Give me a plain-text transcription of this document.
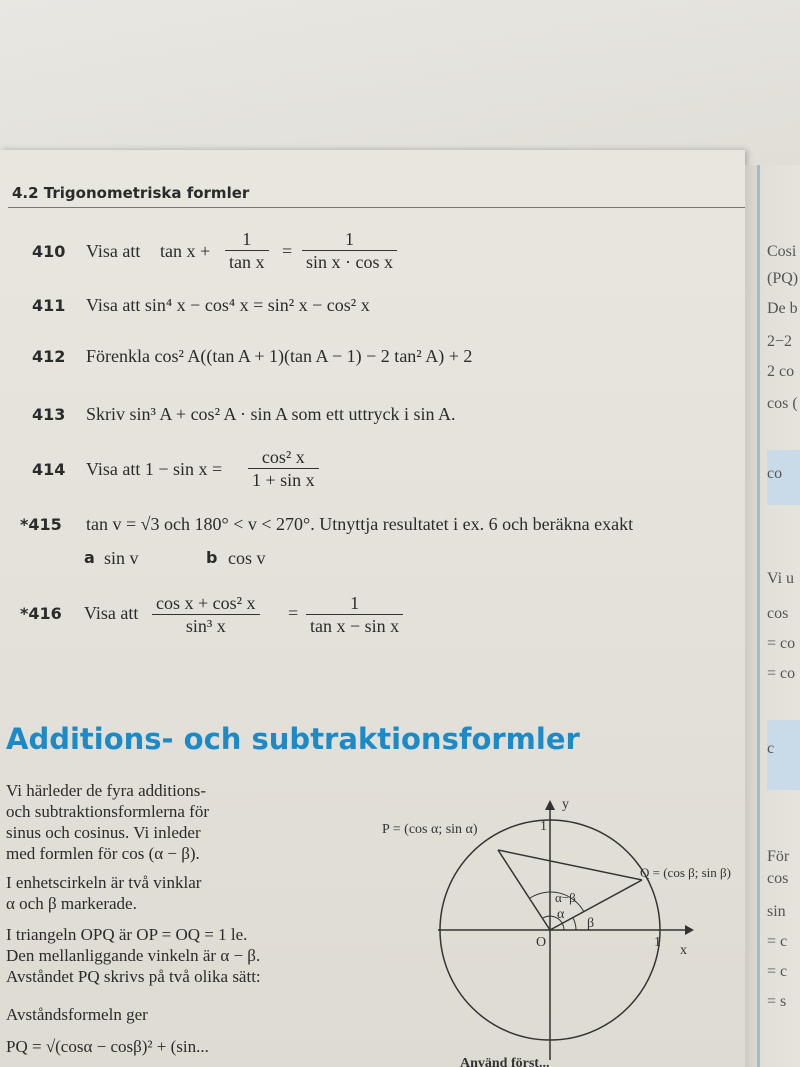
Cosi
(PQ)
De b
2−2
2 co
cos (
co
Vi u
cos
= co
= co
c
För
cos
sin
= c
= c
= s
4.2 Trigonometriska formler
410 Visa att $\tan x + \frac{1}{\text{tan x}} = \frac{1}{\text{sin x · cos x}}$
411 Visa att sin⁴ x − cos⁴ x = sin² x − cos² x
412 Förenkla cos² A((tan A + 1)(tan A − 1) − 2 tan² A) + 2
413 Skriv sin³ A + cos² A · sin A som ett uttryck i sin A.
414 Visa att $1 - \sin x = \frac{\text{cos² x}}{\text{1 + sin x}}$
*415 tan v = √3 och 180° < v < 270°. Utnyttja resultatet i ex. 6 och beräkna exakt
a sin v	b cos v
*416 Visa att $\frac{\text{cos x + cos² x}}{\text{sin³ x}} = \frac{1}{\text{tan x − sin x}}$
Additions- och subtraktionsformler
Vi härleder de fyra additions-
och subtraktionsformlerna för
sinus och cosinus. Vi inleder
med formlen för cos (α − β).
I enhetscirkeln är två vinklar
α och β markerade.
I triangeln OPQ är OP = OQ = 1 le.
Den mellanliggande vinkeln är α − β.
Avståndet PQ skrivs på två olika sätt:
Avståndsformeln ger
PQ = √(cosα − cosβ)² + (sin...
P = (cos α; sin α)
Q = (cos β; sin β)
O
y
x
1
1
α−β
α
β
Använd först...
